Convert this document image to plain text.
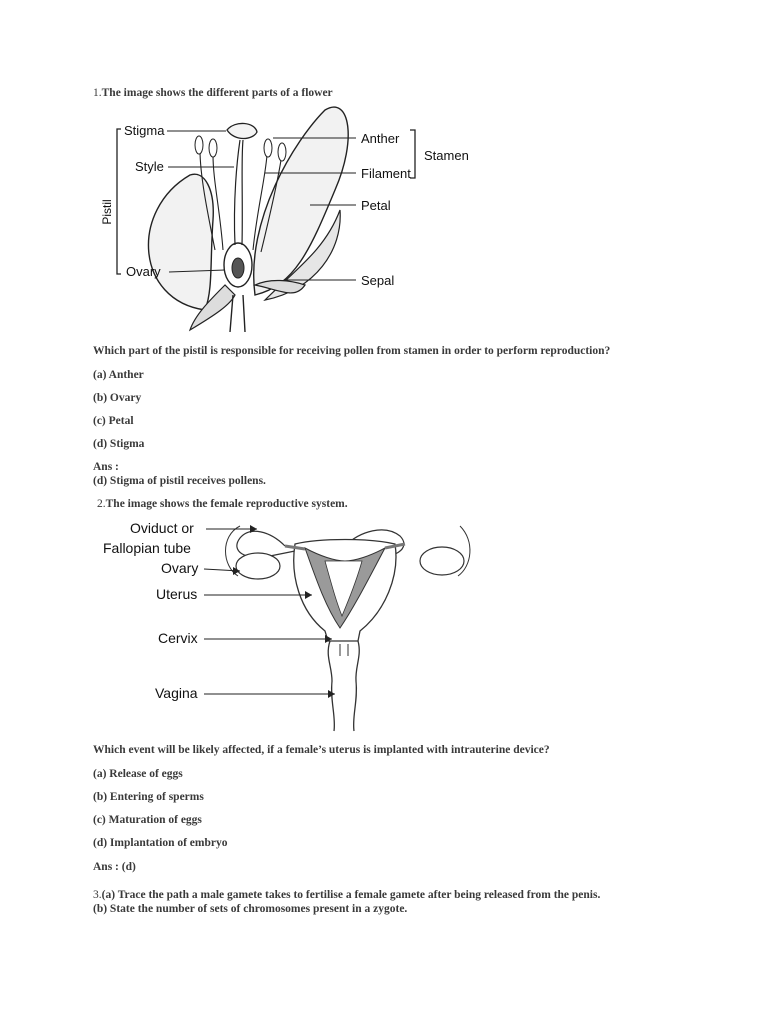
1.The image shows the different parts of a flower
Pistil
Stigma
Style
Ovary
Anther
Filament
Stamen
Petal
Sepal
Which part of the pistil is responsible for receiving pollen from stamen in order to perform reproduction?
(a) Anther
(b) Ovary
(c) Petal
(d) Stigma
Ans :
(d) Stigma of pistil receives pollens.
2.The image shows the female reproductive system.
Oviduct or
Fallopian tube
Ovary
Uterus
Cervix
Vagina
Which event will be likely affected, if a female’s uterus is implanted with intrauterine device?
(a) Release of eggs
(b) Entering of sperms
(c) Maturation of eggs
(d) Implantation of embryo
Ans : (d)
3.(a) Trace the path a male gamete takes to fertilise a female gamete after being released from the penis.
(b) State the number of sets of chromosomes present in a zygote.
